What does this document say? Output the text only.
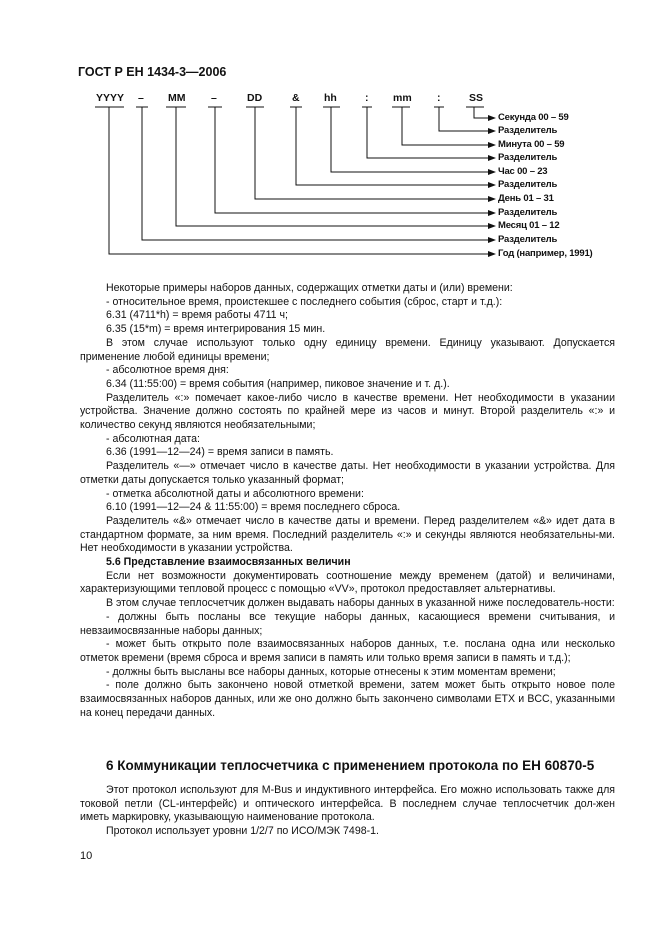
ГОСТ Р ЕН 1434-3—2006
YYYY – MM –	DD	& hh	: mm :	SS
Секунда 00 – 59
Разделитель
Минута 00 – 59
Разделитель
Час 00 – 23
Разделитель
День 01 – 31
Разделитель
Месяц 01 – 12
Разделитель
Год (например, 1991)

Некоторые примеры наборов данных, содержащих отметки даты и (или) времени:

- относительное время, проистекшее с последнего события (сброс, старт и т.д.):

6.31 (4711*h) = время работы 4711 ч;

6.35 (15*m) = время интегрирования 15 мин.

В этом случае используют только одну единицу времени. Единицу указывают. Допускается применение любой единицы времени;

- абсолютное время дня:

6.34 (11:55:00) = время события (например, пиковое значение и т. д.).

Разделитель «:» помечает какое-либо число в качестве времени. Нет необходимости в указании устройства. Значение должно состоять по крайней мере из часов и минут. Второй разделитель «:» и количество секунд являются необязательными;

- абсолютная дата:

6.36 (1991—12—24) = время записи в память.

Разделитель «—» отмечает число в качестве даты. Нет необходимости в указании устройства. Для отметки даты допускается только указанный формат;

- отметка абсолютной даты и абсолютного времени:

6.10 (1991—12—24 & 11:55:00) = время последнего сброса.

Разделитель «&» отмечает число в качестве даты и времени. Перед разделителем «&» идет дата в стандартном формате, за ним время. Последний разделитель «:» и секунды являются необязательны-ми. Нет необходимости в указании устройства.

5.6 Представление взаимосвязанных величин

Если нет возможности документировать соотношение между временем (датой) и величинами, характеризующими тепловой процесс с помощью «VV», протокол предоставляет альтернативы.

В этом случае теплосчетчик должен выдавать наборы данных в указанной ниже последователь-ности:

- должны быть посланы все текущие наборы данных, касающиеся времени считывания, и невзаимосвязанные наборы данных;

- может быть открыто поле взаимосвязанных наборов данных, т.е. послана одна или несколько отметок времени (время сброса и время записи в память или только время записи в память и т.д.);

- должны быть высланы все наборы данных, которые отнесены к этим моментам времени;

- поле должно быть закончено новой отметкой времени, затем может быть открыто новое поле взаимосвязанных наборов данных, или же оно должно быть закончено символами ETX и BCC, указанными на конец передачи данных.

6 Коммуникации теплосчетчика с применением протокола по ЕН 60870-5

Этот протокол используют для M-Bus и индуктивного интерфейса. Его можно использовать также для токовой петли (CL-интерфейс) и оптического интерфейса. В последнем случае теплосчетчик дол-жен иметь маркировку, указывающую наименование протокола.

Протокол использует уровни 1/2/7 по ИСО/МЭК 7498-1.

10
